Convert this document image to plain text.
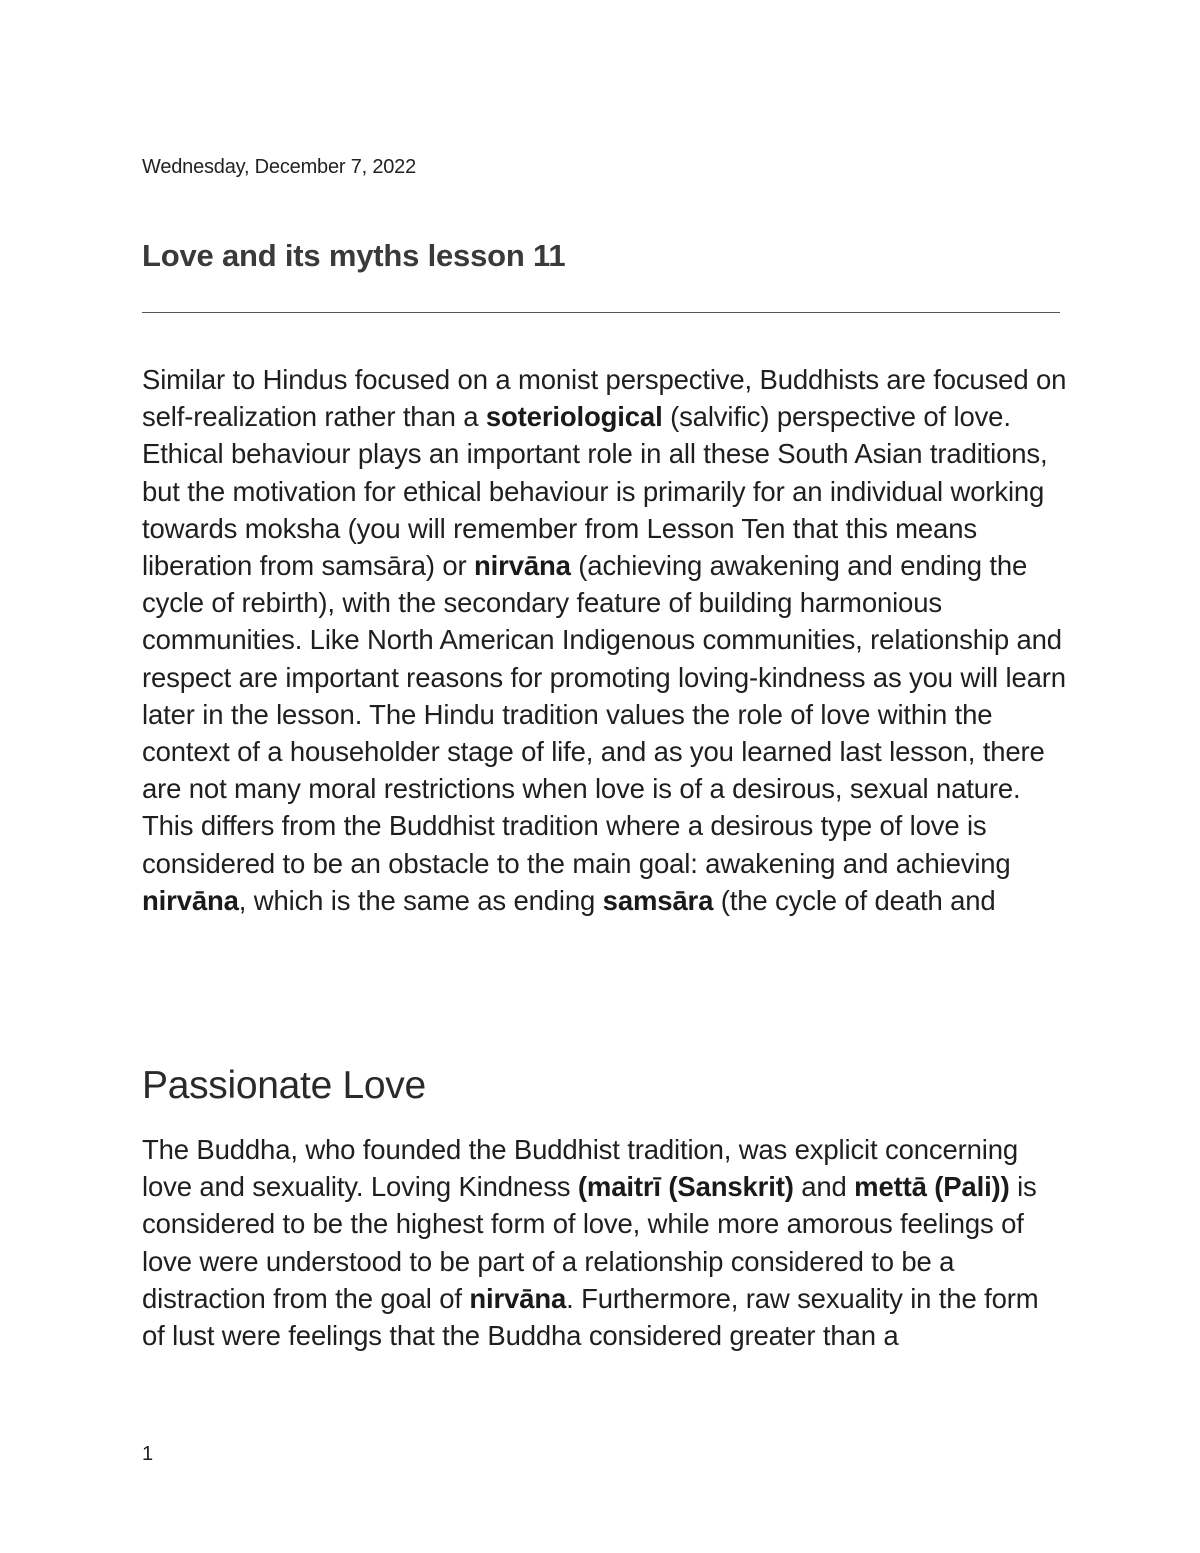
Wednesday, December 7, 2022
Love and its myths lesson 11

Similar to Hindus focused on a monist perspective, Buddhists are focused on self-realization rather than a soteriological (salvific) perspective of love. Ethical behaviour plays an important role in all these South Asian traditions, but the motivation for ethical behaviour is primarily for an individual working towards moksha (you will remember from Lesson Ten that this means liberation from samsāra) or nirvāna (achieving awakening and ending the cycle of rebirth), with the secondary feature of building harmonious communities. Like North American Indigenous communities, relationship and respect are important reasons for promoting loving-kindness as you will learn later in the lesson. The Hindu tradition values the role of love within the context of a householder stage of life, and as you learned last lesson, there are not many moral restrictions when love is of a desirous, sexual nature. This differs from the Buddhist tradition where a desirous type of love is considered to be an obstacle to the main goal: awakening and achieving nirvāna, which is the same as ending samsāra (the cycle of death and

Passionate Love

The Buddha, who founded the Buddhist tradition, was explicit concerning love and sexuality. Loving Kindness (maitrī (Sanskrit) and mettā (Pali)) is considered to be the highest form of love, while more amorous feelings of love were understood to be part of a relationship considered to be a distraction from the goal of nirvāna. Furthermore, raw sexuality in the form of lust were feelings that the Buddha considered greater than a

1
